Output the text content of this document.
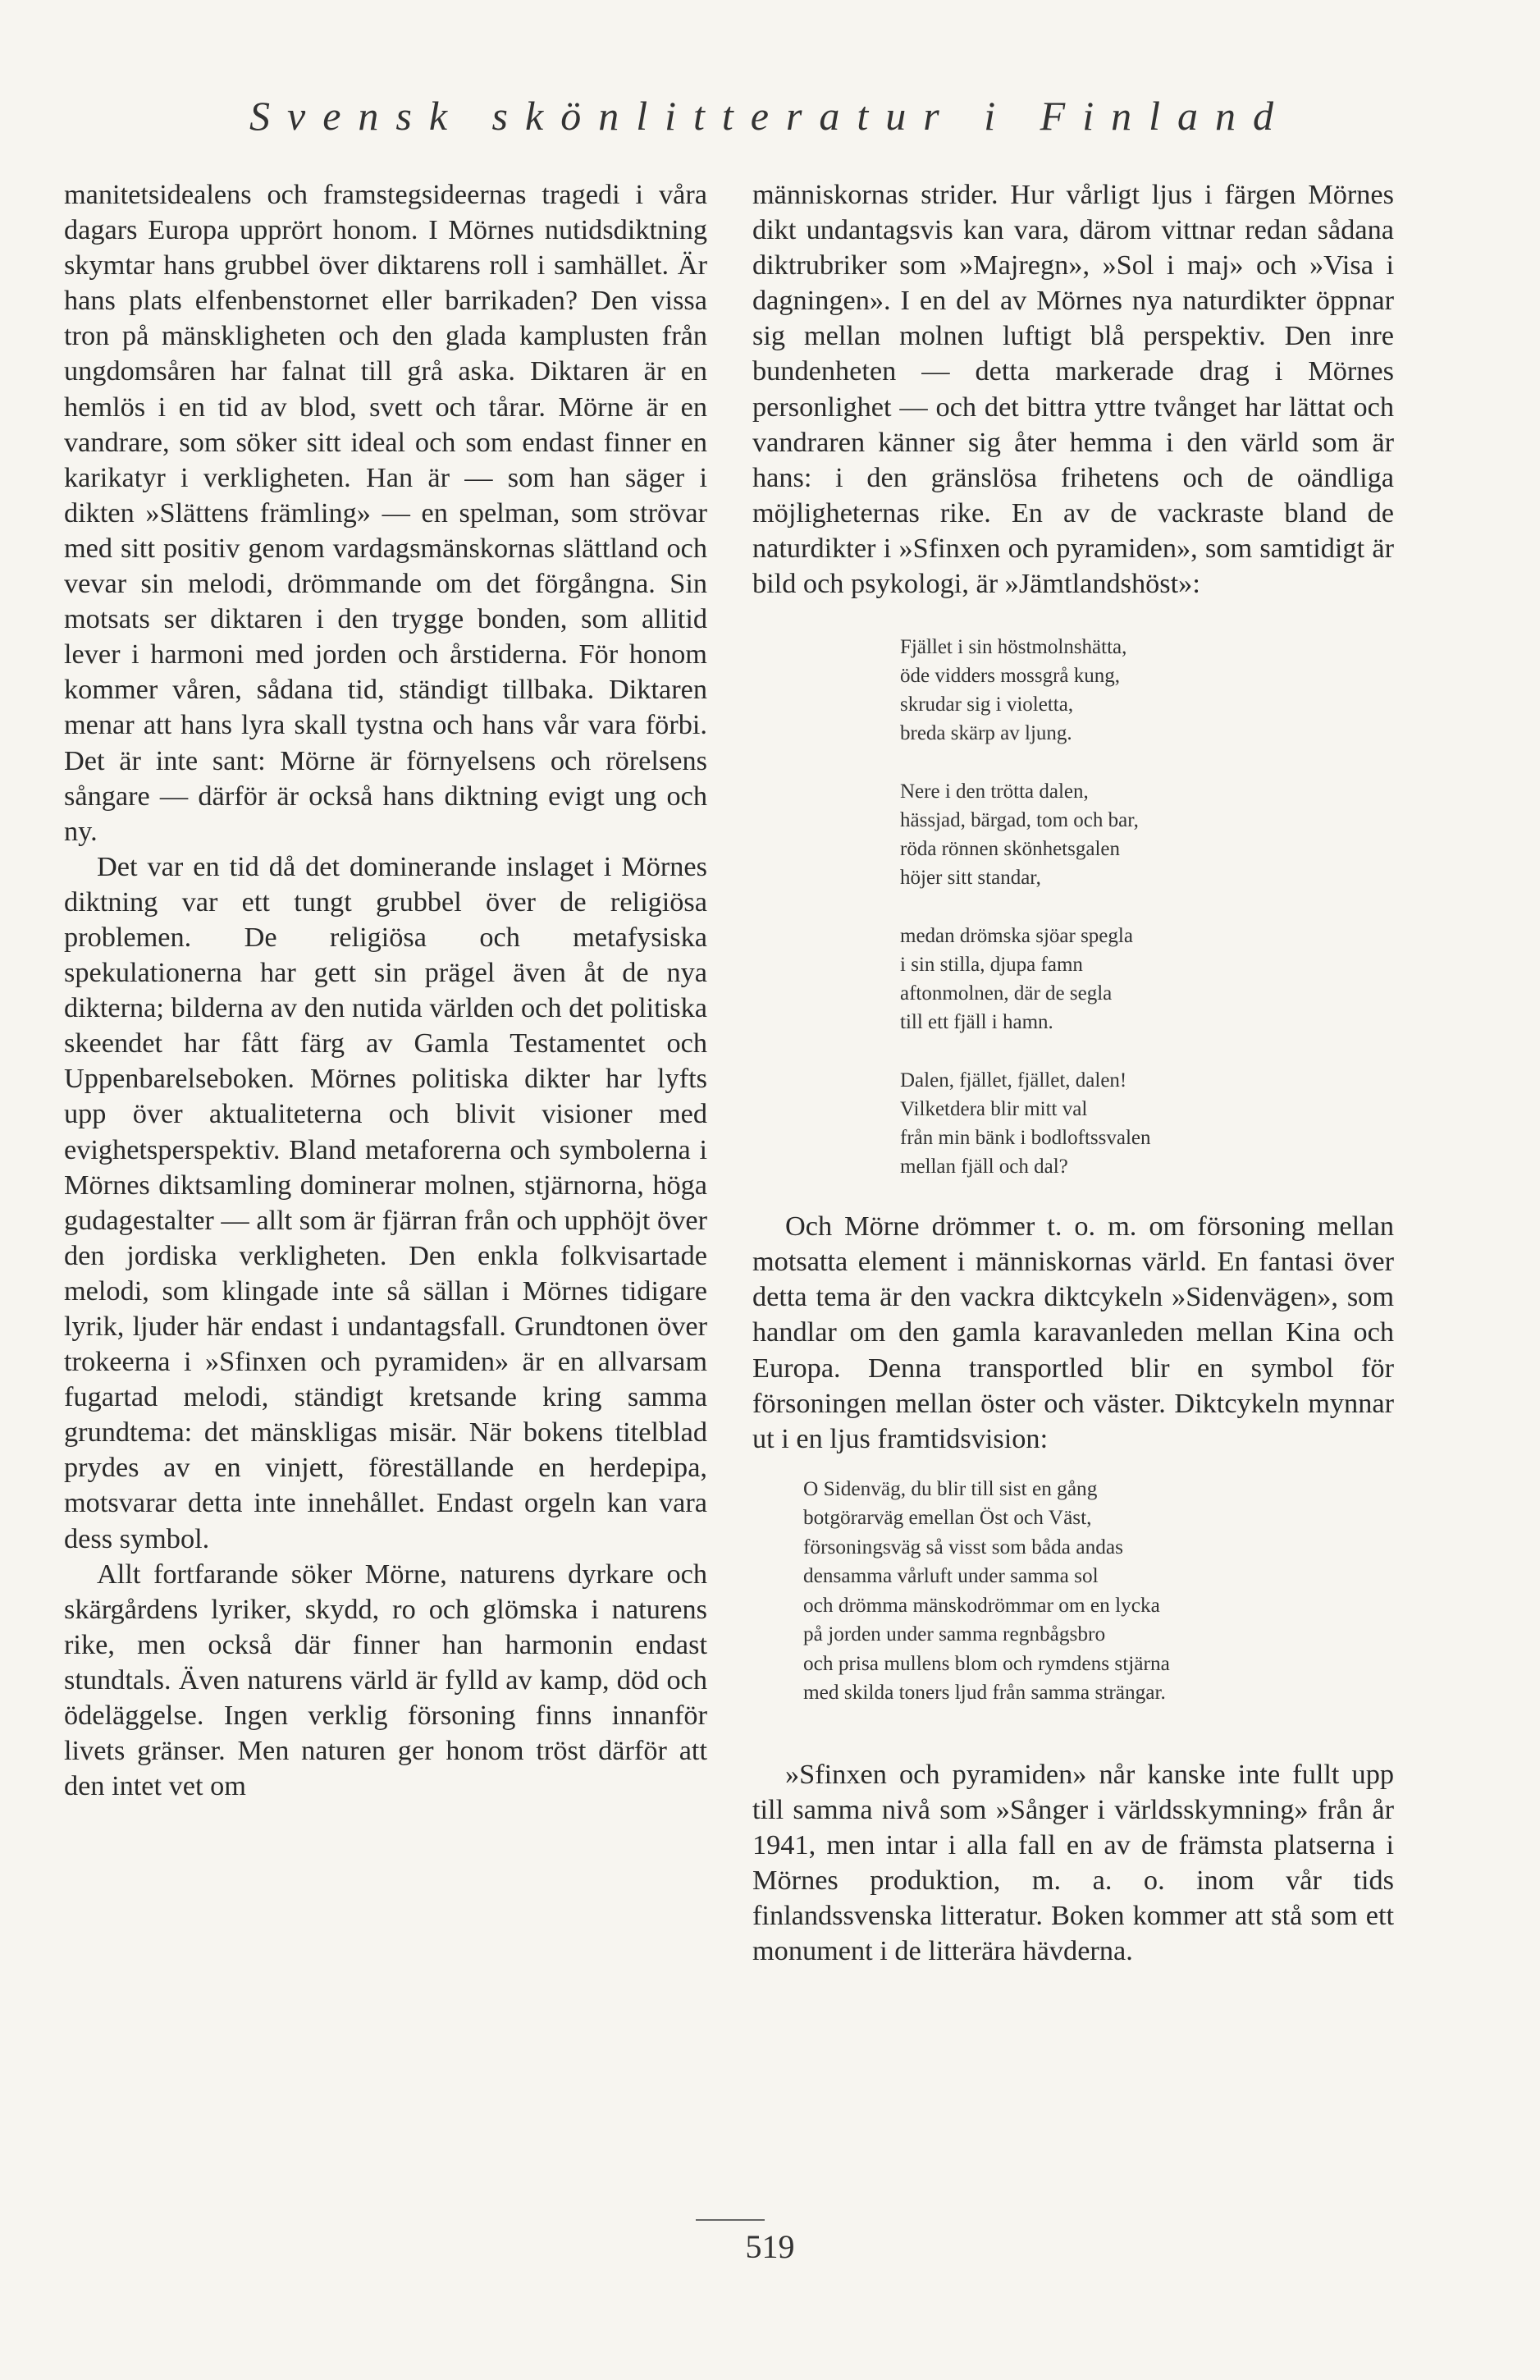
Svensk skönlitteratur i Finland

manitetsidealens och framstegsideernas tragedi i våra dagars Europa upprört honom. I Mörnes nutidsdiktning skymtar hans grubbel över diktarens roll i samhället. Är hans plats elfenbenstornet eller barrikaden? Den vissa tron på mänskligheten och den glada kamplusten från ungdomsåren har falnat till grå aska. Diktaren är en hemlös i en tid av blod, svett och tårar. Mörne är en vandrare, som söker sitt ideal och som endast finner en karikatyr i verkligheten. Han är — som han säger i dikten »Slättens främling» — en spelman, som strövar med sitt positiv genom vardagsmänskornas slättland och vevar sin melodi, drömmande om det förgångna. Sin motsats ser diktaren i den trygge bonden, som allitid lever i harmoni med jorden och årstiderna. För honom kommer våren, sådana tid, ständigt tillbaka. Diktaren menar att hans lyra skall tystna och hans vår vara förbi. Det är inte sant: Mörne är förnyelsens och rörelsens sångare — därför är också hans diktning evigt ung och ny.

Det var en tid då det dominerande inslaget i Mörnes diktning var ett tungt grubbel över de religiösa problemen. De religiösa och metafysiska spekulationerna har gett sin prägel även åt de nya dikterna; bilderna av den nutida världen och det politiska skeendet har fått färg av Gamla Testamentet och Uppenbarelseboken. Mörnes politiska dikter har lyfts upp över aktualiteterna och blivit visioner med evighetsperspektiv. Bland metaforerna och symbolerna i Mörnes diktsamling dominerar molnen, stjärnorna, höga gudagestalter — allt som är fjärran från och upphöjt över den jordiska verkligheten. Den enkla folkvisartade melodi, som klingade inte så sällan i Mörnes tidigare lyrik, ljuder här endast i undantagsfall. Grundtonen över trokeerna i »Sfinxen och pyramiden» är en allvarsam fugartad melodi, ständigt kretsande kring samma grundtema: det mänskligas misär. När bokens titelblad prydes av en vinjett, föreställande en herdepipa, motsvarar detta inte innehållet. Endast orgeln kan vara dess symbol.

Allt fortfarande söker Mörne, naturens dyrkare och skärgårdens lyriker, skydd, ro och glömska i naturens rike, men också där finner han harmonin endast stundtals. Även naturens värld är fylld av kamp, död och ödeläggelse. Ingen verklig försoning finns innanför livets gränser. Men naturen ger honom tröst därför att den intet vet om

människornas strider. Hur vårligt ljus i färgen Mörnes dikt undantagsvis kan vara, därom vittnar redan sådana diktrubriker som »Majregn», »Sol i maj» och »Visa i dagningen». I en del av Mörnes nya naturdikter öppnar sig mellan molnen luftigt blå perspektiv. Den inre bundenheten — detta markerade drag i Mörnes personlighet — och det bittra yttre tvånget har lättat och vandraren känner sig åter hemma i den värld som är hans: i den gränslösa frihetens och de oändliga möjligheternas rike. En av de vackraste bland de naturdikter i »Sfinxen och pyramiden», som samtidigt är bild och psykologi, är »Jämtlandshöst»:

Fjället i sin höstmolnshätta,
öde vidders mossgrå kung,
skrudar sig i violetta,
breda skärp av ljung.
Nere i den trötta dalen,
hässjad, bärgad, tom och bar,
röda rönnen skönhetsgalen
höjer sitt standar,
medan drömska sjöar spegla
i sin stilla, djupa famn
aftonmolnen, där de segla
till ett fjäll i hamn.
Dalen, fjället, fjället, dalen!
Vilketdera blir mitt val
från min bänk i bodloftssvalen
mellan fjäll och dal?

Och Mörne drömmer t. o. m. om försoning mellan motsatta element i människornas värld. En fantasi över detta tema är den vackra diktcykeln »Sidenvägen», som handlar om den gamla karavanleden mellan Kina och Europa. Denna transportled blir en symbol för försoningen mellan öster och väster. Diktcykeln mynnar ut i en ljus framtidsvision:

O Sidenväg, du blir till sist en gång
botgörarväg emellan Öst och Väst,
försoningsväg så visst som båda andas
densamma vårluft under samma sol
och drömma mänskodrömmar om en lycka
på jorden under samma regnbågsbro
och prisa mullens blom och rymdens stjärna
med skilda toners ljud från samma strängar.

»Sfinxen och pyramiden» når kanske inte fullt upp till samma nivå som »Sånger i världsskymning» från år 1941, men intar i alla fall en av de främsta platserna i Mörnes produktion, m. a. o. inom vår tids finlandssvenska litteratur. Boken kommer att stå som ett monument i de litterära hävderna.

519
